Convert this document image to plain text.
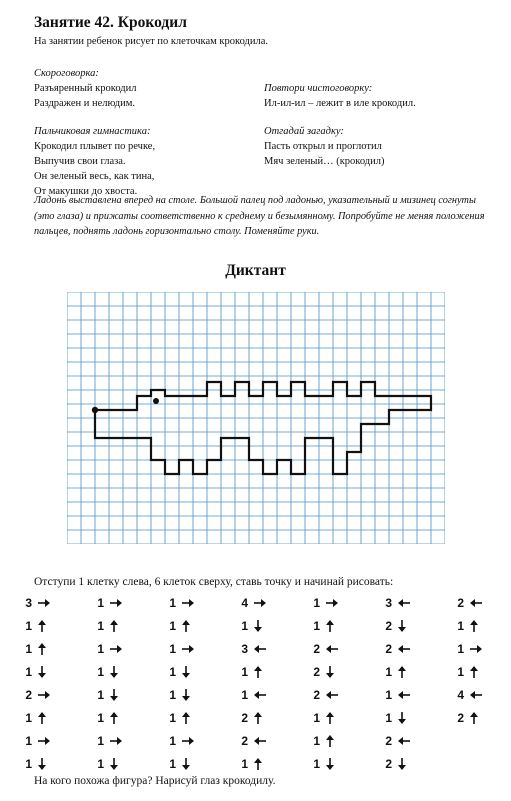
Занятие 42. Крокодил
На занятии ребенок рисует по клеточкам крокодила.
Скороговорка:
Разъяренный крокодил
Раздражен и нелюдим.
Повтори чистоговорку:
Ил-ил-ил – лежит в иле крокодил.
Пальчиковая гимнастика:
Крокодил плывет по речке,
Выпучив свои глаза.
Он зеленый весь, как тина,
От макушки до хвоста.
Отгадай загадку:
Пасть открыл и проглотил
Мяч зеленый… (крокодил)
Ладонь выставлена вперед на столе. Большой палец под ладонью, указательный и мизинец согнуты (это глаза) и прижаты соответственно к среднему и безымянному. Попробуйте не меняя положения пальцев, поднять ладонь горизонтально столу. Поменяйте руки.
Диктант
Отступи 1 клетку слева, 6 клеток сверху, ставь точку и начинай рисовать:
3
1
1
1
2
1
1
1
1
1
1
1
1
1
1
1
1
1
1
1
1
1
1
1
4
1
3
1
1
2
2
1
1
1
2
2
2
1
1
1
3
2
2
1
1
1
2
2
2
1
1
1
4
2
На кого похожа фигура? Нарисуй глаз крокодилу.
